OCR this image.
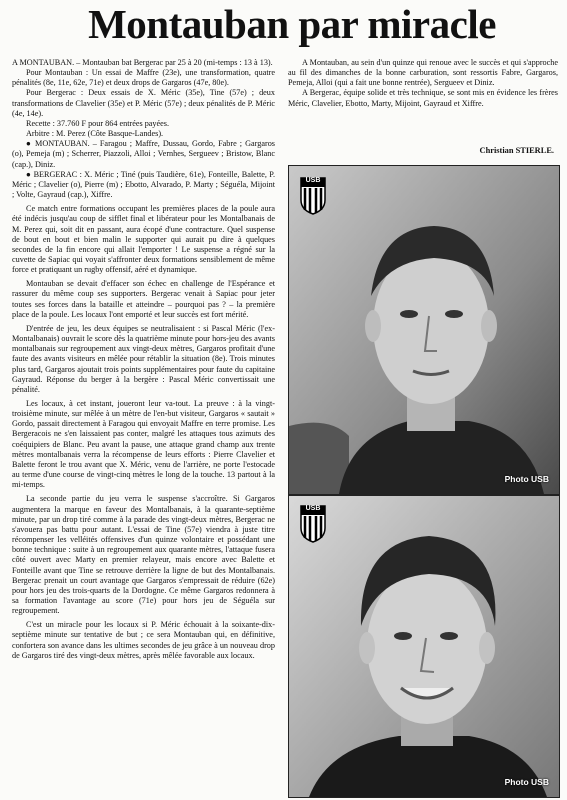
Montauban par miracle

A MONTAUBAN. – Montauban bat Bergerac par 25 à 20 (mi-temps : 13 à 13).

Pour Montauban : Un essai de Maffre (23e), une transformation, quatre pénalités (8e, 11e, 62e, 71e) et deux drops de Gargaros (47e, 80e).

Pour Bergerac : Deux essais de X. Méric (35e), Tine (57e) ; deux transformations de Clavelier (35e) et P. Méric (57e) ; deux pénalités de P. Méric (4e, 14e).

Recette : 37.760 F pour 864 entrées payées.

Arbitre : M. Perez (Côte Basque-Landes).

● MONTAUBAN. – Faragou ; Maffre, Dussau, Gordo, Fabre ; Gargaros (o), Pemeja (m) ; Scherrer, Piazzoli, Alloi ; Vernhes, Sergueev ; Bristow, Blanc (cap.), Diniz.

● BERGERAC : X. Méric ; Tiné (puis Taudière, 61e), Fonteille, Balette, P. Méric ; Clavelier (o), Pierre (m) ; Ebotto, Alvarado, P. Marty ; Séguéla, Mijoint ; Volte, Gayraud (cap.), Xiffre.

Ce match entre formations occupant les premières places de la poule aura été indécis jusqu'au coup de sifflet final et libérateur pour les Montalbanais de M. Perez qui, soit dit en passant, aura écopé d'une contracture. Quel suspense de bout en bout et bien malin le supporter qui aurait pu dire à quelques secondes de la fin encore qui allait l'emporter ! Le suspense a régné sur la cuvette de Sapiac qui voyait s'affronter deux formations sensiblement de même force et pratiquant un rugby offensif, aéré et dynamique.

Montauban se devait d'effacer son échec en challenge de l'Espérance et rassurer du même coup ses supporters. Bergerac venait à Sapiac pour jeter toutes ses forces dans la bataille et atteindre – pourquoi pas ? – la première place de la poule. Les locaux l'ont emporté et leur succès est fort mérité.

D'entrée de jeu, les deux équipes se neutralisaient : si Pascal Méric (l'ex-Montalbanais) ouvrait le score dès la quatrième minute pour hors-jeu des avants montalbanais sur regroupement aux vingt-deux mètres, Gargaros profitait d'une faute des avants visiteurs en mêlée pour rétablir la situation (8e). Trois minutes plus tard, Gargaros ajoutait trois points supplémentaires pour faute du capitaine Gayraud. Réponse du berger à la bergère : Pascal Méric convertissait une pénalité.

Les locaux, à cet instant, joueront leur va-tout. La preuve : à la vingt-troisième minute, sur mêlée à un mètre de l'en-but visiteur, Gargaros « sautait » Gordo, passait directement à Faragou qui envoyait Maffre en terre promise. Les Bergeracois ne s'en laissaient pas conter, malgré les attaques tous azimuts des coéquipiers de Blanc. Peu avant la pause, une attaque grand champ aux trente mètres montalbanais verra la récompense de leurs efforts : Pierre Clavelier et Balette feront le trou avant que X. Méric, venu de l'arrière, ne porte l'estocade au terme d'une course de vingt-cinq mètres le long de la touche. 13 partout à la mi-temps.

La seconde partie du jeu verra le suspense s'accroître. Si Gargaros augmentera la marque en faveur des Montalbanais, à la quarante-septième minute, par un drop tiré comme à la parade des vingt-deux mètres, Bergerac ne s'avouera pas battu pour autant. L'essai de Tine (57e) viendra à juste titre récompenser les velléités offensives d'un quinze volontaire et possédant une bonne technique : suite à un regroupement aux quarante mètres, l'attaque fusera côté ouvert avec Marty en premier relayeur, mais encore avec Balette et Fonteille avant que Tine se retrouve derrière la ligne de but des Montalbanais. Bergerac prenait un court avantage que Gargaros s'empressait de réduire (62e) pour hors jeu des trois-quarts de la Dordogne. Ce même Gargaros redonnera à sa formation l'avantage au score (71e) pour hors jeu de Séguéla sur regroupement.

C'est un miracle pour les locaux si P. Méric échouait à la soixante-dix-septième minute sur tentative de but ; ce sera Montauban qui, en définitive, confortera son avance dans les ultimes secondes de jeu grâce à un nouveau drop de Gargaros tiré des vingt-deux mètres, après mêlée favorable aux locaux.

A Montauban, au sein d'un quinze qui renoue avec le succès et qui s'approche au fil des dimanches de la bonne carburation, sont ressortis Fabre, Gargaros, Pemeja, Alloi (qui a fait une bonne rentrée), Sergueev et Diniz.

A Bergerac, équipe solide et très technique, se sont mis en évidence les frères Méric, Clavelier, Ebotto, Marty, Mijoint, Gayraud et Xiffre.

Christian STIERLE.
USB
Photo USB
USB
Photo USB
